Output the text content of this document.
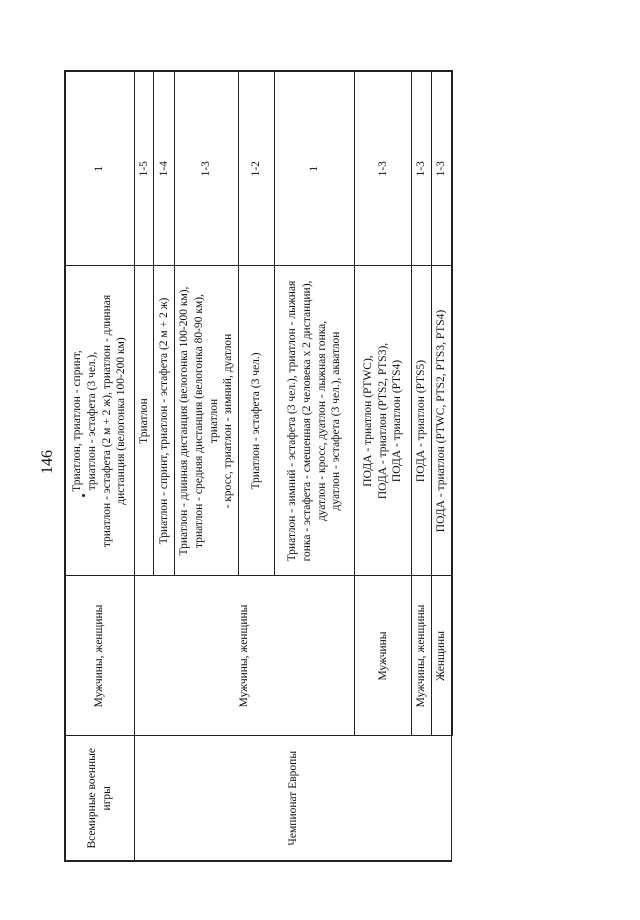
146
Всемирные военные игры	Мужчины, женщины	Триатлон, триатлон - спринт,
триатлон - эстафета (3 чел.),
триатлон - эстафета (2 м + 2 ж), триатлон - длинная
дистанция (велогонка 100-200 км)	1
Чемпионат Европы	Мужчины, женщины	Триатлон	1-5
		Триатлон - спринт, триатлон - эстафета (2 м + 2 ж)	1-4
		Триатлон - длинная дистанция (велогонка 100-200 км),
триатлон - средняя дистанция (велогонка 80-90 км), триатлон
- кросс, триатлон - зимний, дуатлон	1-3
		Триатлон - эстафета (3 чел.)	1-2
		Триатлон - зимний - эстафета (3 чел.), триатлон - лыжная
гонка - эстафета - смешенная (2 человека х 2 дистанции),
дуатлон - кросс, дуатлон - лыжная гонка,
дуатлон - эстафета (3 чел.), акватлон	1
	Мужчины	ПОДА - триатлон (PTWC),
ПОДА - триатлон (PTS2, PTS3),
ПОДА - триатлон (PTS4)	1-3
	Мужчины, женщины	ПОДА - триатлон (PTS5)	1-3
	Женщины	ПОДА - триатлон (PTWC, PTS2, PTS3, PTS4)	1-3
